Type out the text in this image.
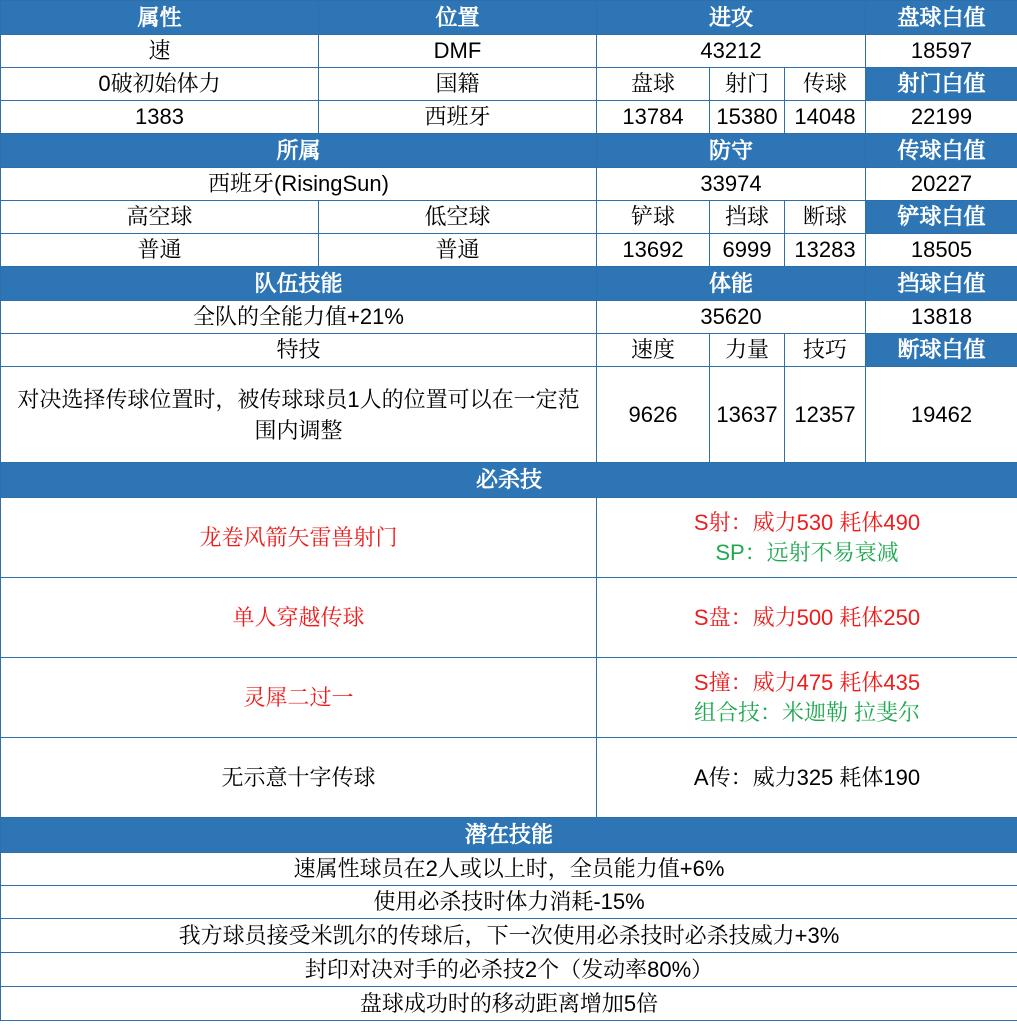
属性	位置	进攻			盘球白值
速	DMF	43212			18597
0破初始体力	国籍	盘球	射门	传球	射门白值
1383	西班牙	13784	15380	14048	22199
所属		防守			传球白值
西班牙(RisingSun)		33974			20227
高空球	低空球	铲球	挡球	断球	铲球白值
普通	普通	13692	6999	13283	18505
队伍技能		体能			挡球白值
全队的全能力值+21%		35620			13818
特技		速度	力量	技巧	断球白值
对决选择传球位置时，被传球球员1人的位置可以在一定范围内调整		9626	13637	12357	19462
必杀技					
龙卷风箭矢雷兽射门		S射：威力530 耗体490
SP：远射不易衰减			

单人穿越传球		S盘：威力500 耗体250			

灵犀二过一		S撞：威力475 耗体435
组合技：米迦勒 拉斐尔			

无示意十字传球		A传：威力325 耗体190			

潜在技能					
速属性球员在2人或以上时，全员能力值+6%					
使用必杀技时体力消耗-15%					
我方球员接受米凯尔的传球后，下一次使用必杀技时必杀技威力+3%					
封印对决对手的必杀技2个（发动率80%）					
盘球成功时的移动距离增加5倍					
